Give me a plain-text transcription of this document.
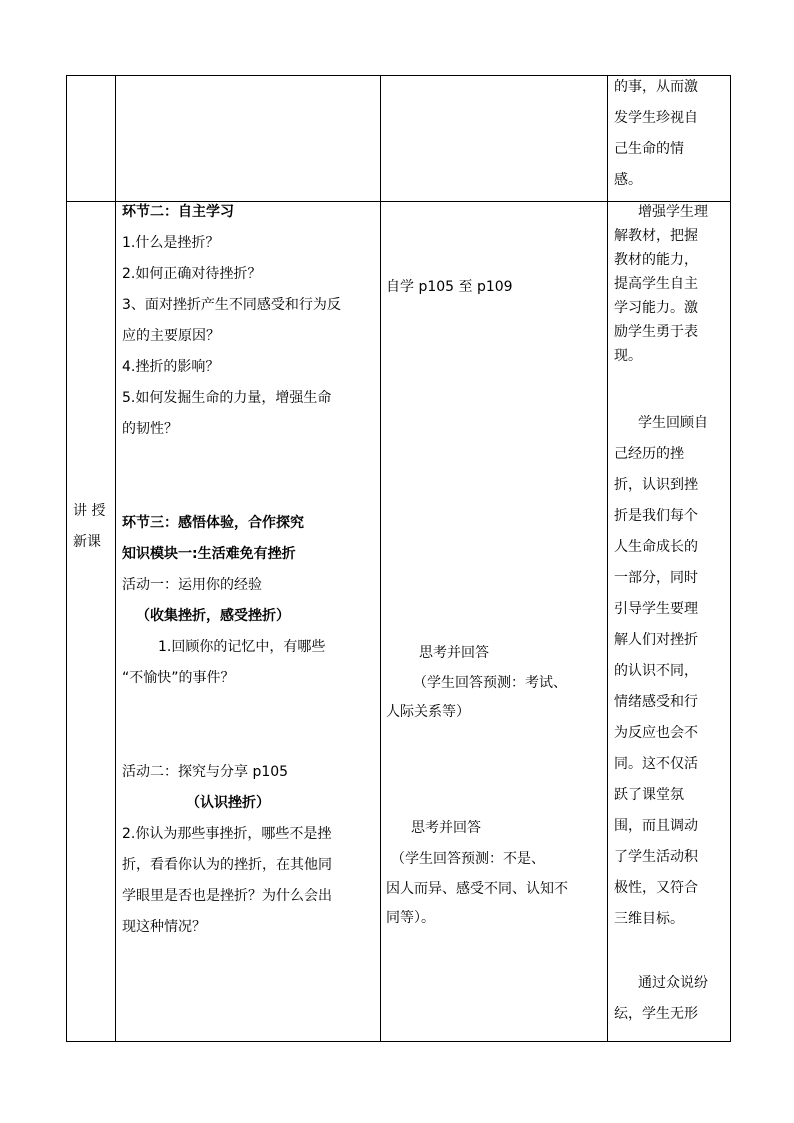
的事，从而激
发学生珍视自
己生命的情
感。
讲 授
新课
环节二：自主学习
1.什么是挫折？
2.如何正确对待挫折？
3、面对挫折产生不同感受和行为反
应的主要原因？
4.挫折的影响？
5.如何发掘生命的力量，增强生命
的韧性？
环节三：感悟体验，合作探究
知识模块一:生活难免有挫折
活动一：运用你的经验
（收集挫折，感受挫折）
1.回顾你的记忆中，有哪些
“不愉快”的事件？
活动二：探究与分享 p105
（认识挫折）
2.你认为那些事挫折，哪些不是挫
折，看看你认为的挫折，在其他同
学眼里是否也是挫折？为什么会出
现这种情况？
自学 p105 至 p109
思考并回答
（学生回答预测：考试、
人际关系等）
思考并回答
（学生回答预测：不是、
因人而异、感受不同、认知不
同等）。
增强学生理
解教材，把握
教材的能力，
提高学生自主
学习能力。激
励学生勇于表
现。
学生回顾自
己经历的挫
折，认识到挫
折是我们每个
人生命成长的
一部分，同时
引导学生要理
解人们对挫折
的认识不同，
情绪感受和行
为反应也会不
同。这不仅活
跃了课堂氛
围，而且调动
了学生活动积
极性，又符合
三维目标。
通过众说纷
纭，学生无形
